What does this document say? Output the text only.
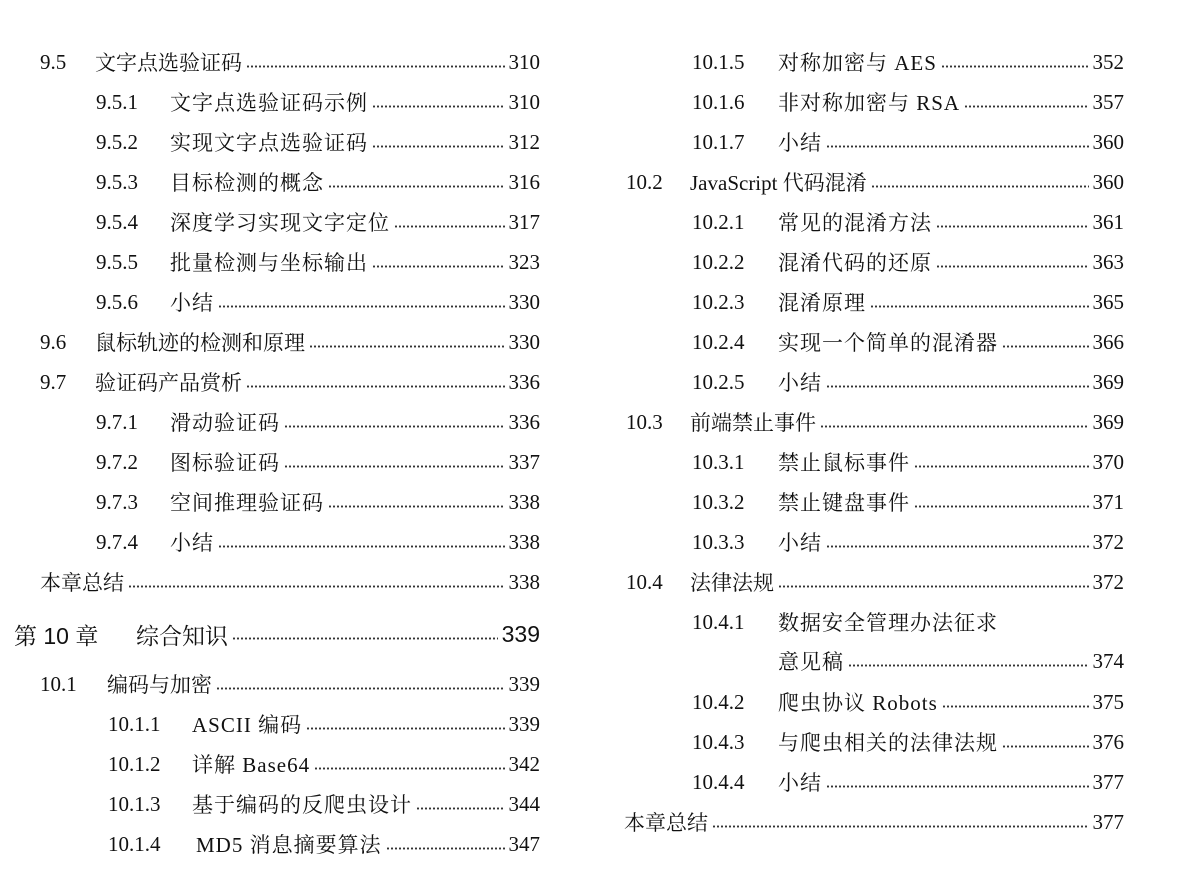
9.5	文字点选验证码	310
9.5.1	文字点选验证码示例	310
9.5.2	实现文字点选验证码	312
9.5.3	目标检测的概念	316
9.5.4	深度学习实现文字定位	317
9.5.5	批量检测与坐标输出	323
9.5.6	小结	330
9.6	鼠标轨迹的检测和原理	330
9.7	验证码产品赏析	336
9.7.1	滑动验证码	336
9.7.2	图标验证码	337
9.7.3	空间推理验证码	338
9.7.4	小结	338
本章总结	338
第 10 章	综合知识	339
10.1	编码与加密	339
10.1.1	ASCII 编码	339
10.1.2	详解 Base64	342
10.1.3	基于编码的反爬虫设计	344
10.1.4	MD5 消息摘要算法	347
10.1.5	对称加密与 AES	352
10.1.6	非对称加密与 RSA	357
10.1.7	小结	360
10.2	JavaScript 代码混淆	360
10.2.1	常见的混淆方法	361
10.2.2	混淆代码的还原	363
10.2.3	混淆原理	365
10.2.4	实现一个简单的混淆器	366
10.2.5	小结	369
10.3	前端禁止事件	369
10.3.1	禁止鼠标事件	370
10.3.2	禁止键盘事件	371
10.3.3	小结	372
10.4	法律法规	372
10.4.1	数据安全管理办法征求
意见稿	374
10.4.2	爬虫协议 Robots	375
10.4.3	与爬虫相关的法律法规	376
10.4.4	小结	377
本章总结	377
